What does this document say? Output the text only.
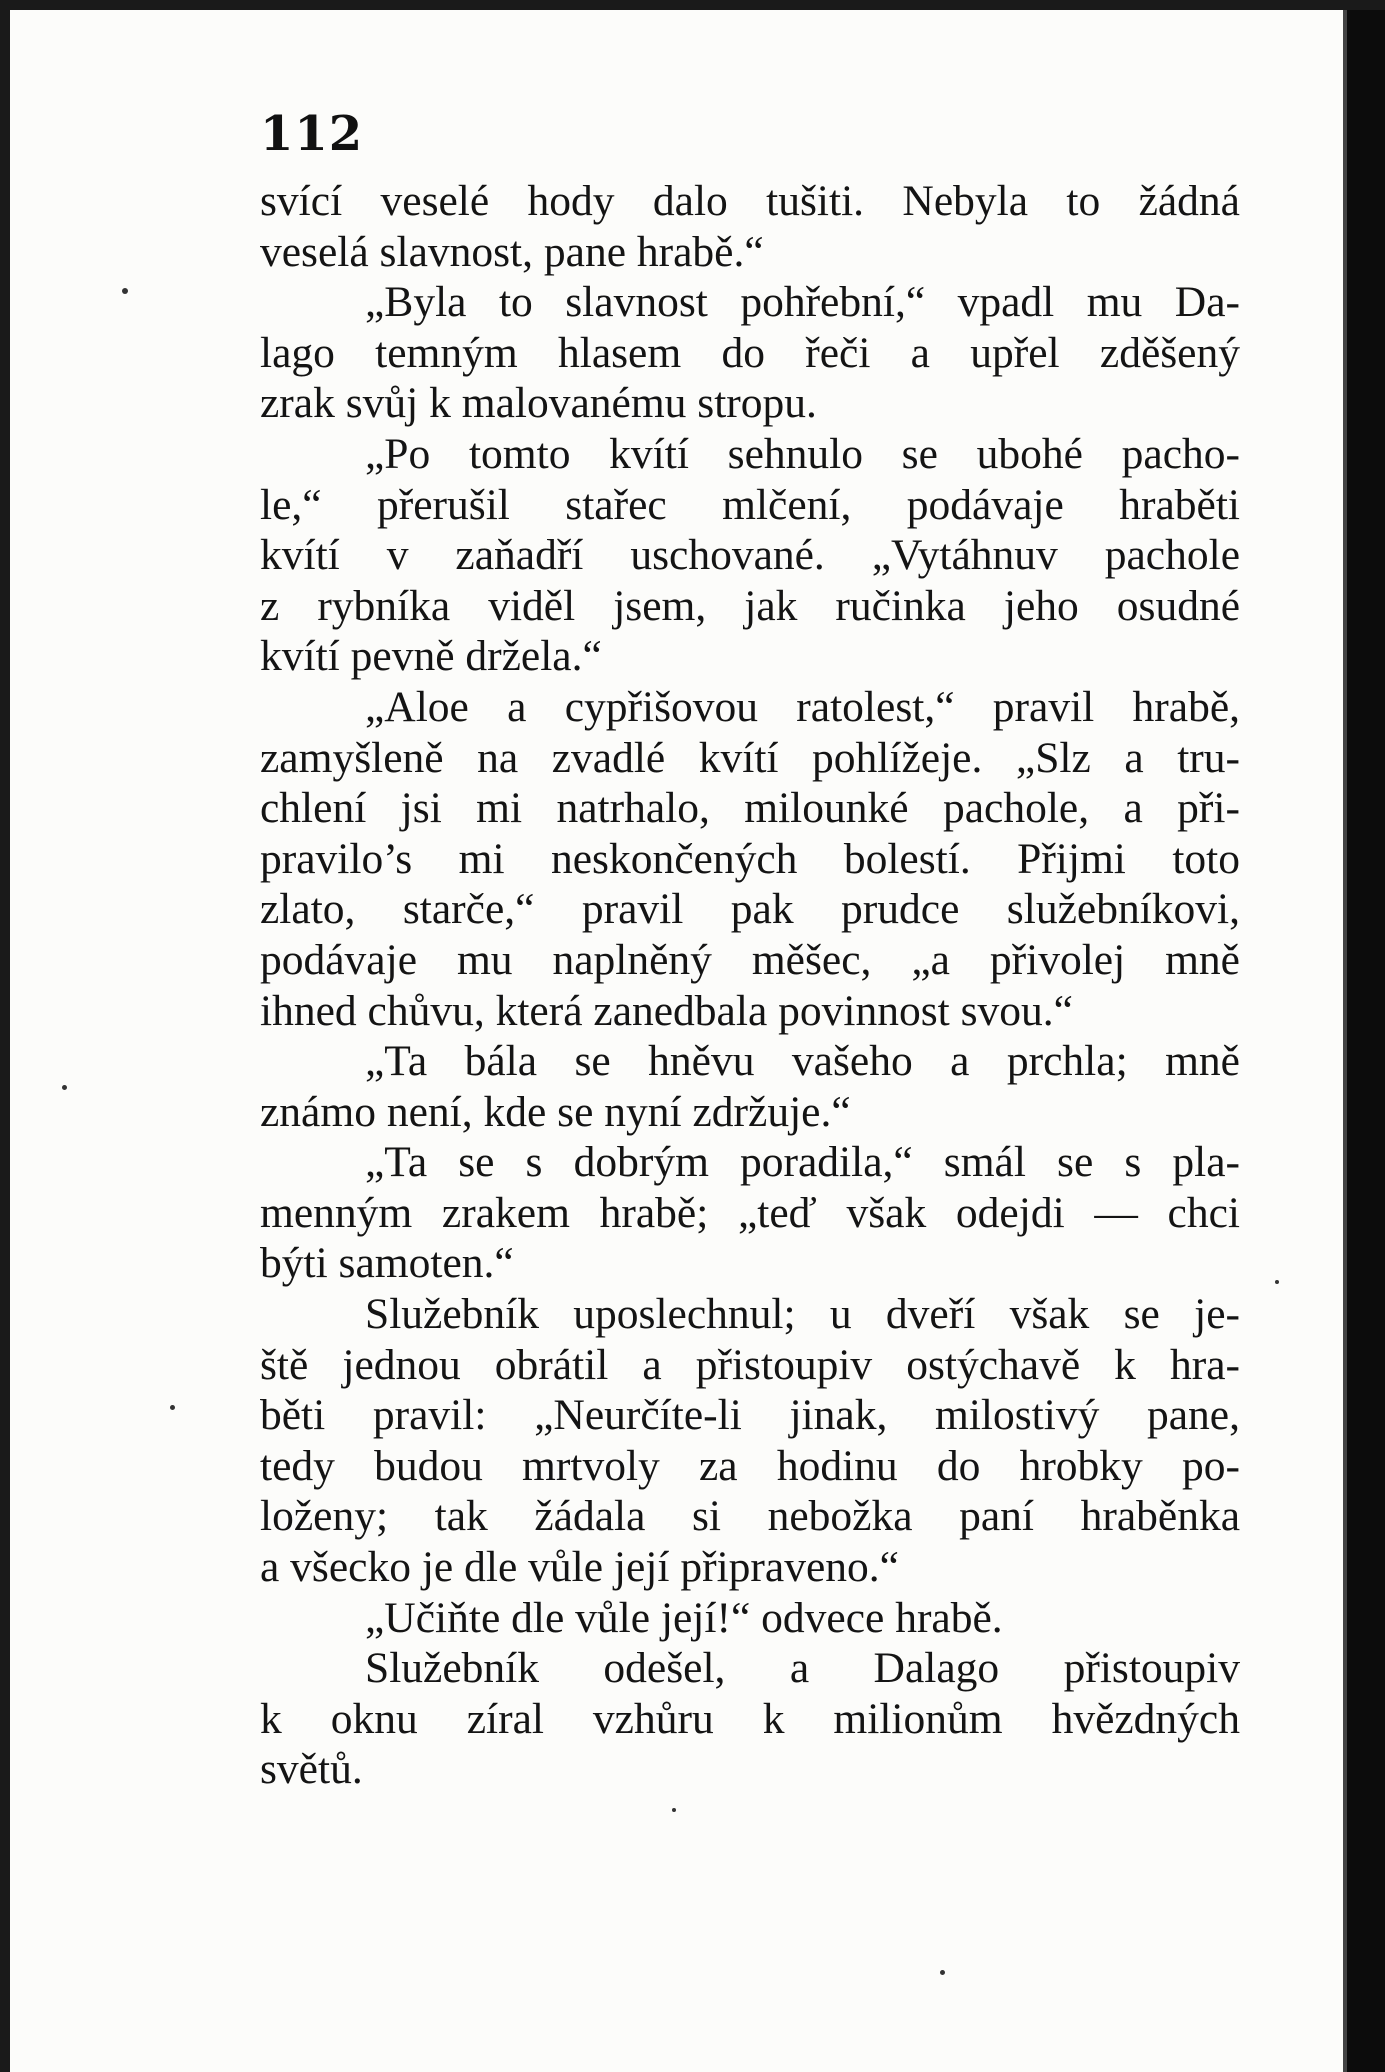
112
svící veselé hody dalo tušiti. Nebyla to žádná
veselá slavnost, pane hrabě.“
„Byla to slavnost pohřební,“ vpadl mu Da-
lago temným hlasem do řeči a upřel zděšený
zrak svůj k malovanému stropu.
„Po tomto kvítí sehnulo se ubohé pacho-
le,“ přerušil stařec mlčení, podávaje hraběti
kvítí v zaňadří uschované. „Vytáhnuv pachole
z rybníka viděl jsem, jak ručinka jeho osudné
kvítí pevně držela.“
„Aloe a cypřišovou ratolest,“ pravil hrabě,
zamyšleně na zvadlé kvítí pohlížeje. „Slz a tru-
chlení jsi mi natrhalo, milounké pachole, a při-
pravilo’s mi neskončených bolestí. Přijmi toto
zlato, starče,“ pravil pak prudce služebníkovi,
podávaje mu naplněný měšec, „a přivolej mně
ihned chůvu, která zanedbala povinnost svou.“
„Ta bála se hněvu vašeho a prchla; mně
známo není, kde se nyní zdržuje.“
„Ta se s dobrým poradila,“ smál se s pla-
menným zrakem hrabě; „teď však odejdi — chci
býti samoten.“
Služebník uposlechnul; u dveří však se je-
ště jednou obrátil a přistoupiv ostýchavě k hra-
běti pravil: „Neurčíte-li jinak, milostivý pane,
tedy budou mrtvoly za hodinu do hrobky po-
loženy; tak žádala si nebožka paní hraběnka
a všecko je dle vůle její připraveno.“
„Učiňte dle vůle její!“ odvece hrabě.
Služebník odešel, a Dalago přistoupiv
k oknu zíral vzhůru k milionům hvězdných
světů.
